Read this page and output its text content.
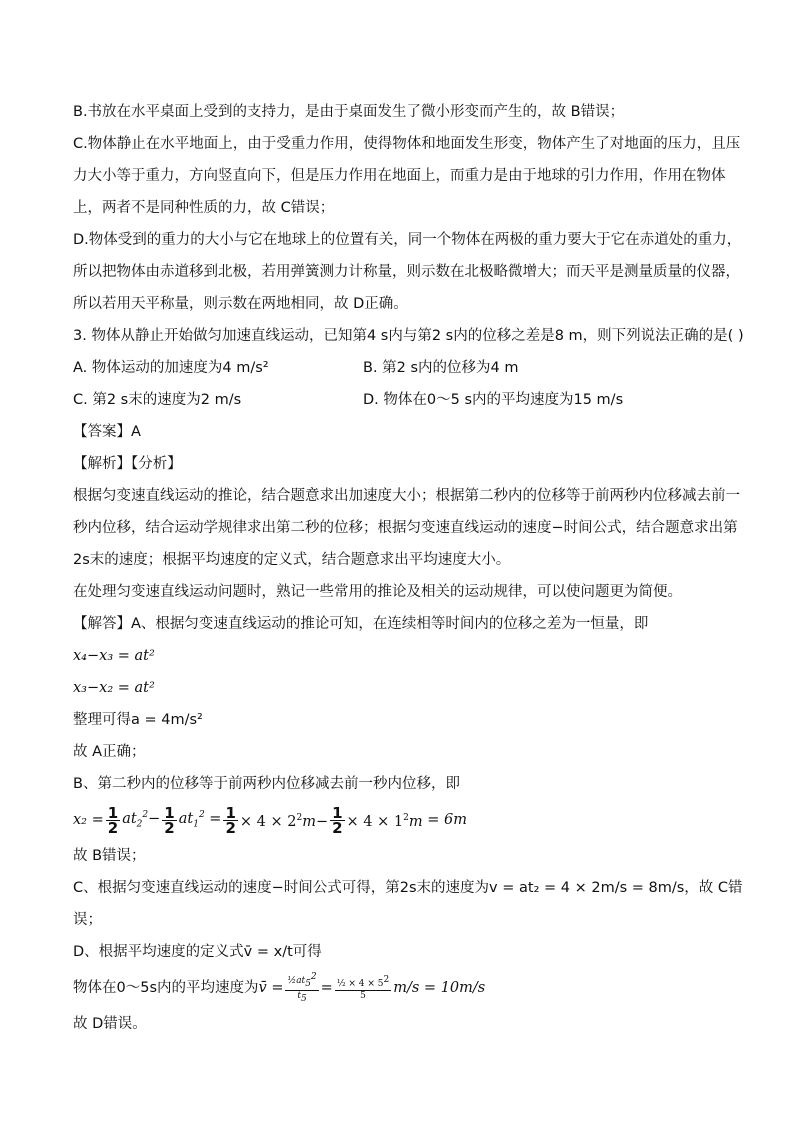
B.书放在水平桌面上受到的支持力，是由于桌面发生了微小形变而产生的，故 B错误；
C.物体静止在水平地面上，由于受重力作用，使得物体和地面发生形变，物体产生了对地面的压力，且压
力大小等于重力，方向竖直向下，但是压力作用在地面上，而重力是由于地球的引力作用，作用在物体
上，两者不是同种性质的力，故 C错误；
D.物体受到的重力的大小与它在地球上的位置有关，同一个物体在两极的重力要大于它在赤道处的重力，
所以把物体由赤道移到北极，若用弹簧测力计称量，则示数在北极略微增大；而天平是测量质量的仪器，
所以若用天平称量，则示数在两地相同，故 D正确。
3. 物体从静止开始做匀加速直线运动，已知第4 s内与第2 s内的位移之差是8 m，则下列说法正确的是( )
A. 物体运动的加速度为4 m/s²	B. 第2 s内的位移为4 m
C. 第2 s末的速度为2 m/s	D. 物体在0～5 s内的平均速度为15 m/s
【答案】A
【解析】【分析】
根据匀变速直线运动的推论，结合题意求出加速度大小；根据第二秒内的位移等于前两秒内位移减去前一
秒内位移，结合运动学规律求出第二秒的位移；根据匀变速直线运动的速度−时间公式，结合题意求出第
2s末的速度；根据平均速度的定义式，结合题意求出平均速度大小。
在处理匀变速直线运动问题时，熟记一些常用的推论及相关的运动规律，可以使问题更为简便。
【解答】A、根据匀变速直线运动的推论可知，在连续相等时间内的位移之差为一恒量，即
x₄−x₃ = at²
x₃−x₂ = at²
整理可得a = 4m/s²
故 A正确；
B、第二秒内的位移等于前两秒内位移减去前一秒内位移，即
$x_2 = \frac{1}{2} at_2^2- \frac{1}{2} at_1^2 = \frac{1}{2} \times 4 \times 2^2m- \frac{1}{2} \times 4 \times 1^2m = 6m$
故 B错误；
C、根据匀变速直线运动的速度−时间公式可得，第2s末的速度为v = at₂ = 4 × 2m/s = 8m/s，故 C错
误；
D、根据平均速度的定义式v̄ = x/t可得
物体在0～5s内的平均速度为 v̄ = $\frac{\frac{1}{2}at_5^2}{t_5} = \frac{\frac{1}{2} \times 4 \times 5^2}{5} m/s = 10m/s$
故 D错误。
